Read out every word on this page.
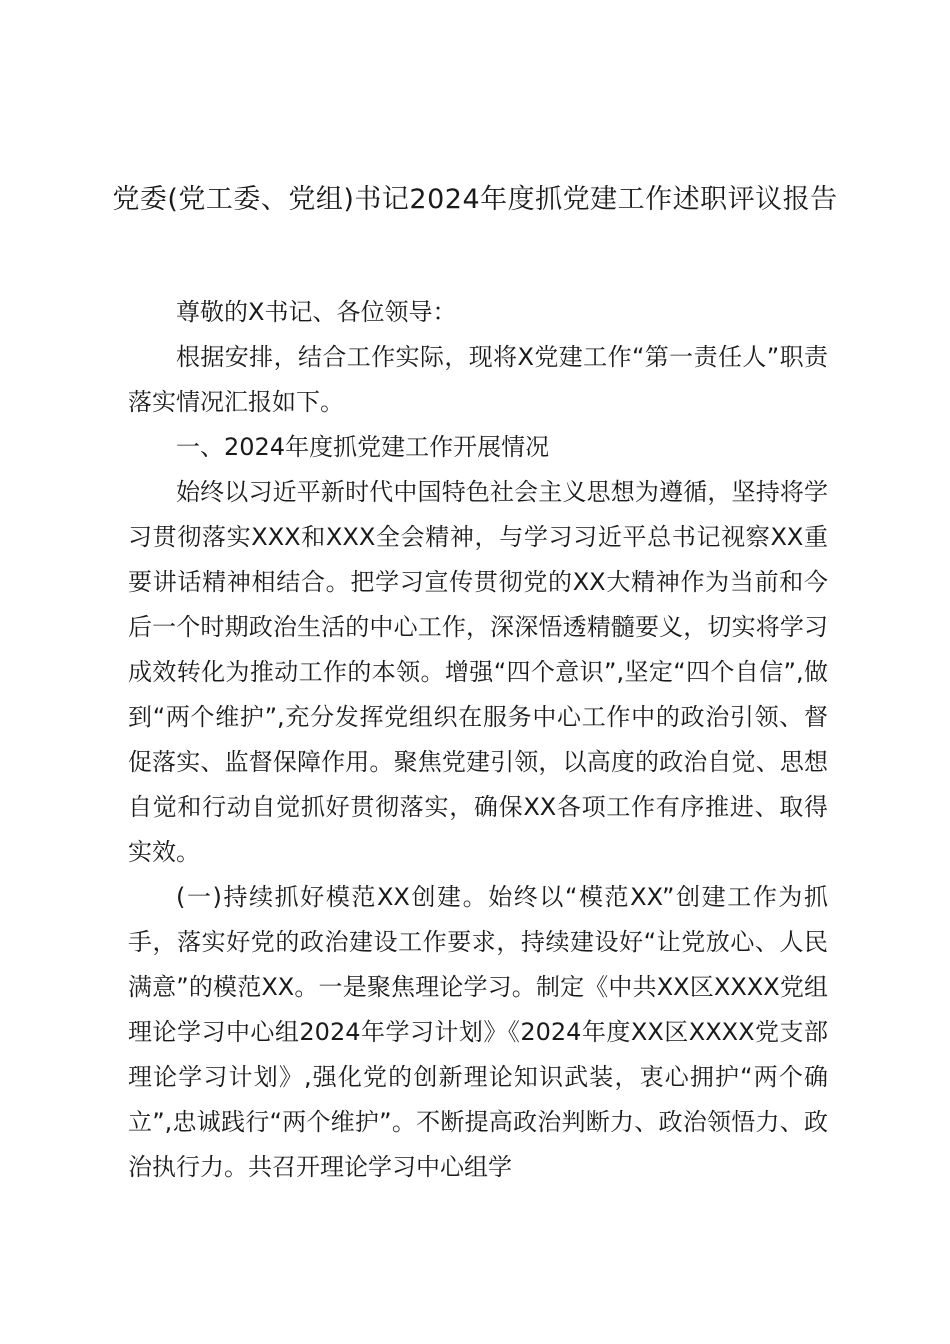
党委(党工委、党组)书记2024年度抓党建工作述职评议报告

尊敬的X书记、各位领导：

根据安排，结合工作实际，现将X党建工作“第一责任人”职责落实情况汇报如下。

一、2024年度抓党建工作开展情况

始终以习近平新时代中国特色社会主义思想为遵循，坚持将学习贯彻落实XXX和XXX全会精神，与学习习近平总书记视察XX重要讲话精神相结合。把学习宣传贯彻党的XX大精神作为当前和今后一个时期政治生活的中心工作，深深悟透精髓要义，切实将学习成效转化为推动工作的本领。增强“四个意识”,坚定“四个自信”,做到“两个维护”,充分发挥党组织在服务中心工作中的政治引领、督促落实、监督保障作用。聚焦党建引领，以高度的政治自觉、思想自觉和行动自觉抓好贯彻落实，确保XX各项工作有序推进、取得实效。

(一)持续抓好模范XX创建。始终以“模范XX”创建工作为抓手，落实好党的政治建设工作要求，持续建设好“让党放心、人民满意”的模范XX。一是聚焦理论学习。制定《中共XX区XXXX党组理论学习中心组2024年学习计划》《2024年度XX区XXXX党支部理论学习计划》,强化党的创新理论知识武装，衷心拥护“两个确立”,忠诚践行“两个维护”。不断提高政治判断力、政治领悟力、政治执行力。共召开理论学习中心组学
